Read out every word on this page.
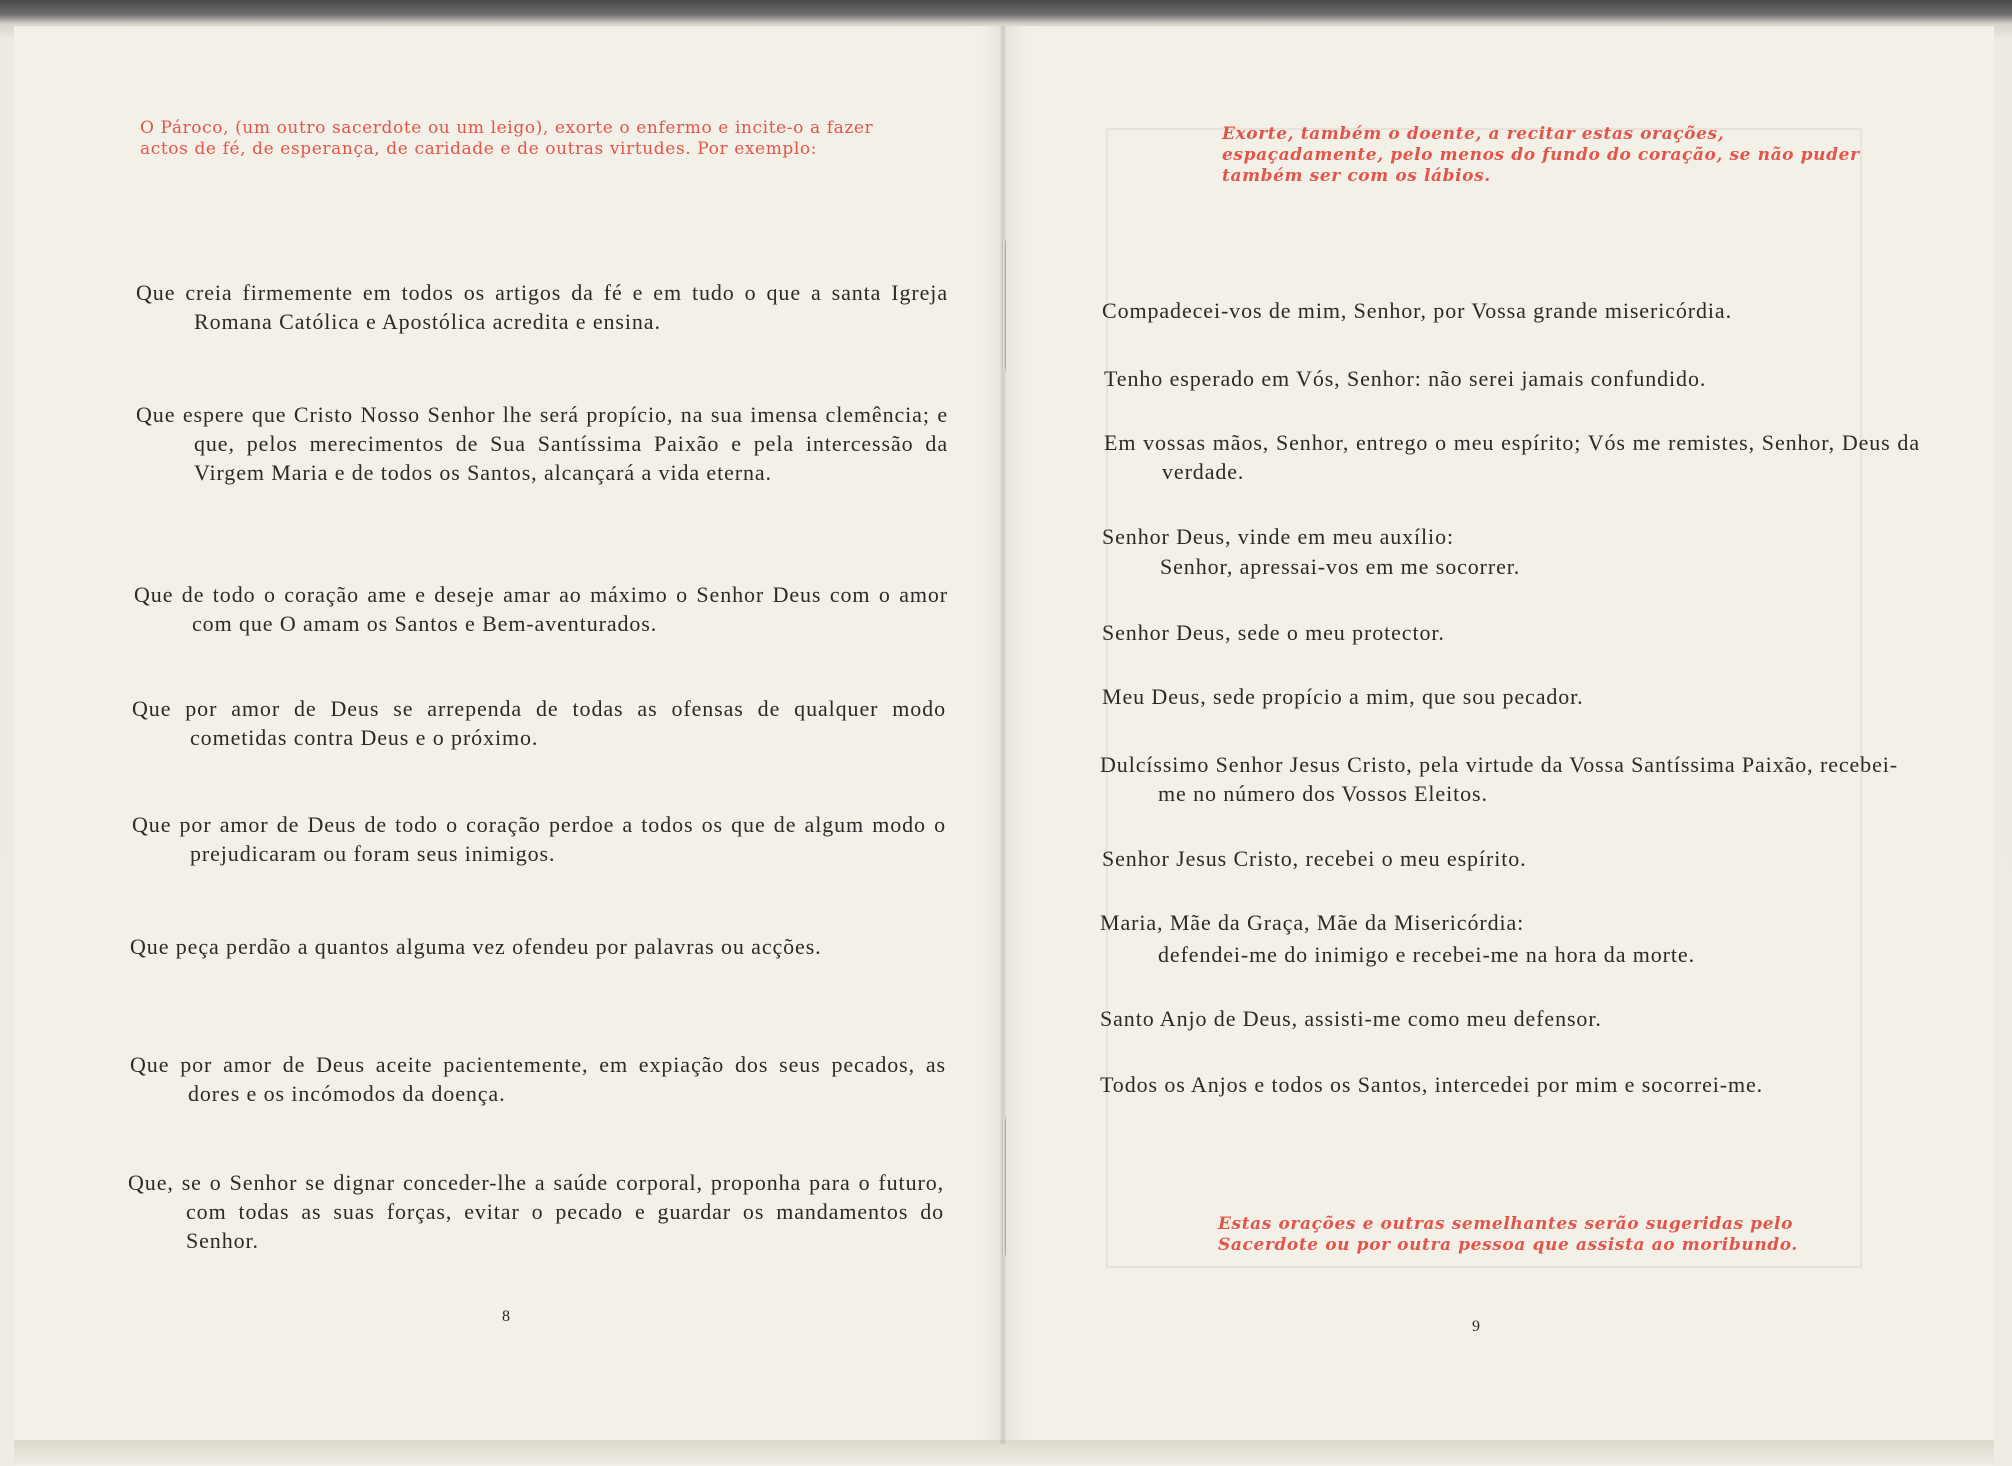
O Pároco, (um outro sacerdote ou um leigo), exorte o enfermo e incite-o a fazer actos de fé, de esperança, de caridade e de outras virtudes. Por exemplo:
Que creia firmemente em todos os artigos da fé e em tudo o que a santa Igreja Romana Católica e Apostólica acredita e ensina.
Que espere que Cristo Nosso Senhor lhe será propício, na sua imensa clemência; e que, pelos merecimentos de Sua Santíssima Paixão e pela intercessão da Virgem Maria e de todos os Santos, alcançará a vida eterna.
Que de todo o coração ame e deseje amar ao máximo o Senhor Deus com o amor com que O amam os Santos e Bem-aventurados.
Que por amor de Deus se arrependa de todas as ofensas de qualquer modo cometidas contra Deus e o próximo.
Que por amor de Deus de todo o coração perdoe a todos os que de algum modo o prejudicaram ou foram seus inimigos.
Que peça perdão a quantos alguma vez ofendeu por palavras ou acções.
Que por amor de Deus aceite pacientemente, em expiação dos seus pecados, as dores e os incómodos da doença.
Que, se o Senhor se dignar conceder-lhe a saúde corporal, proponha para o futuro, com todas as suas forças, evitar o pecado e guardar os mandamentos do Senhor.
8
Exorte, também o doente, a recitar estas orações, espaçadamente, pelo menos do fundo do coração, se não puder também ser com os lábios.
Compadecei-vos de mim, Senhor, por Vossa grande misericórdia.
Tenho esperado em Vós, Senhor: não serei jamais confundido.
Em vossas mãos, Senhor, entrego o meu espírito; Vós me remistes, Senhor, Deus da verdade.
Senhor Deus, vinde em meu auxílio:
Senhor, apressai-vos em me socorrer.
Senhor Deus, sede o meu protector.
Meu Deus, sede propício a mim, que sou pecador.
Dulcíssimo Senhor Jesus Cristo, pela virtude da Vossa Santíssima Paixão, recebei-me no número dos Vossos Eleitos.
Senhor Jesus Cristo, recebei o meu espírito.
Maria, Mãe da Graça, Mãe da Misericórdia:
defendei-me do inimigo e recebei-me na hora da morte.
Santo Anjo de Deus, assisti-me como meu defensor.
Todos os Anjos e todos os Santos, intercedei por mim e socorrei-me.
Estas orações e outras semelhantes serão sugeridas pelo Sacerdote ou por outra pessoa que assista ao moribundo.
9
